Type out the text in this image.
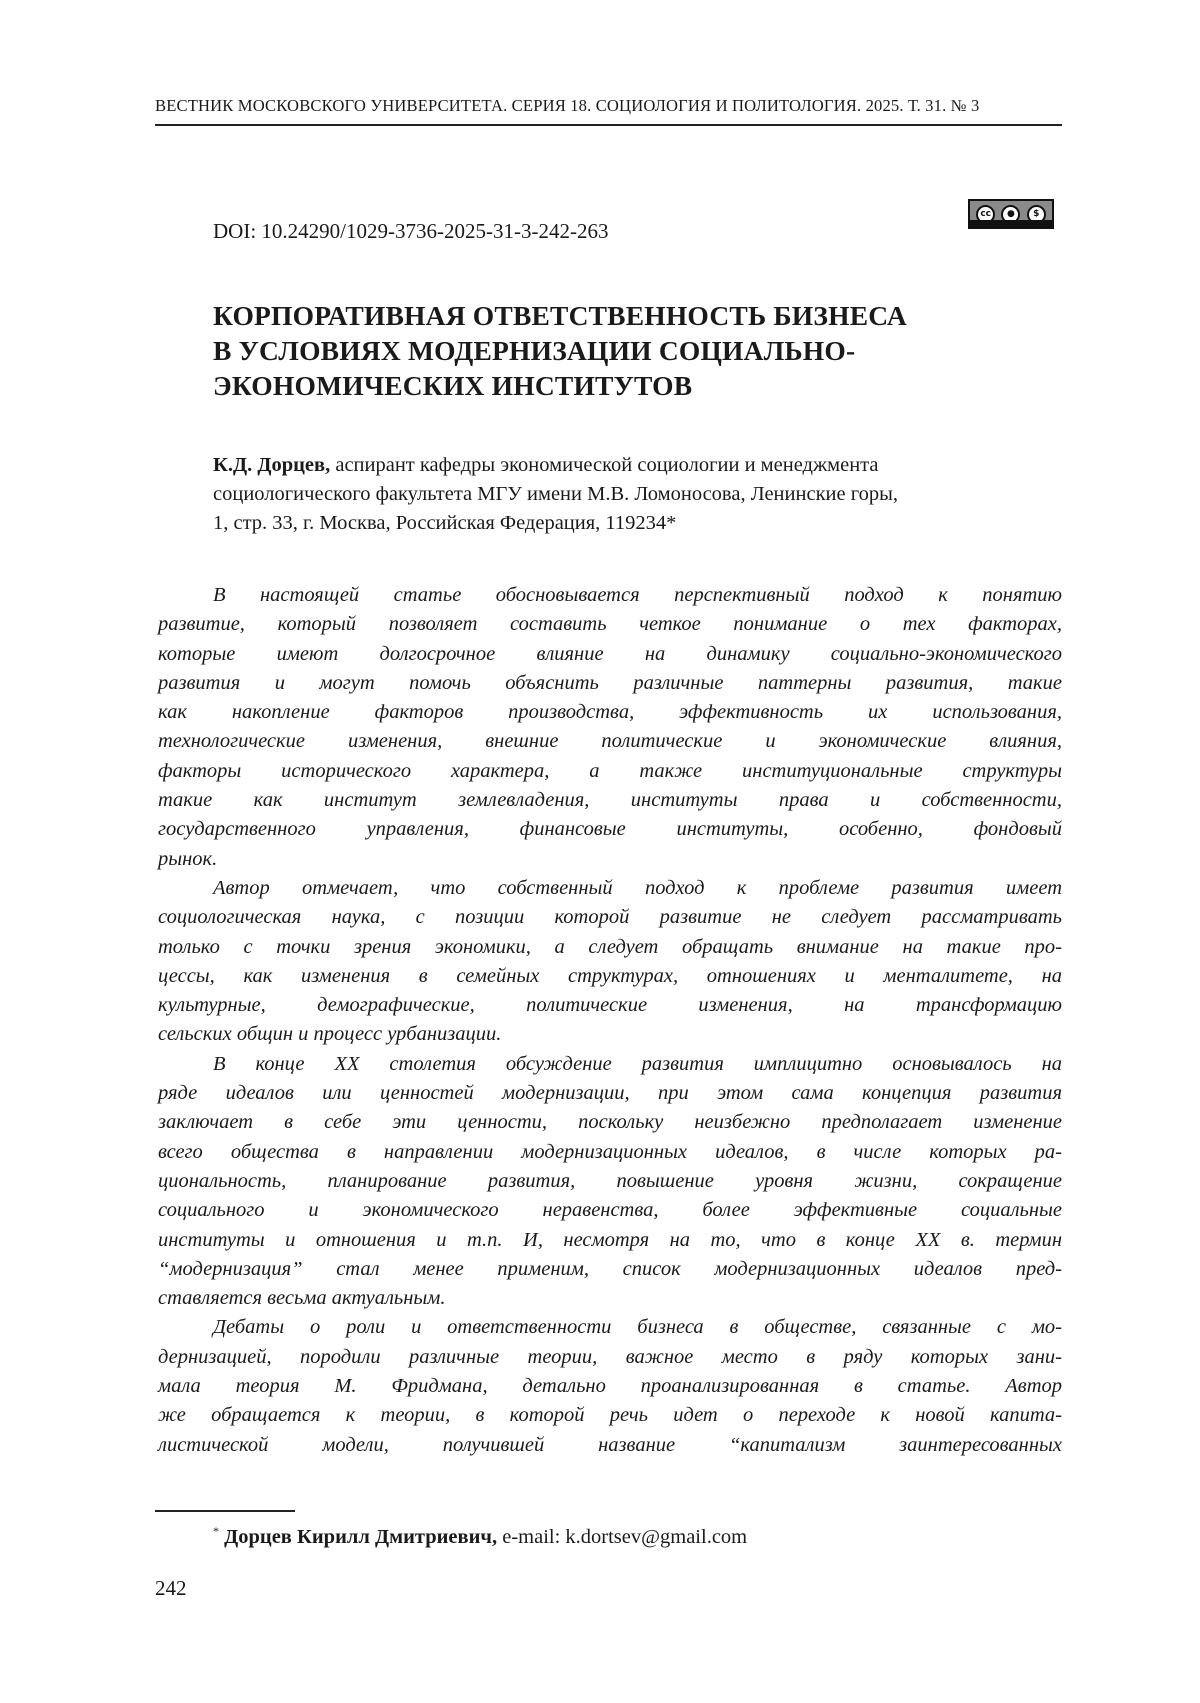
ВЕСТНИК МОСКОВСКОГО УНИВЕРСИТЕТА. СЕРИЯ 18. СОЦИОЛОГИЯ И ПОЛИТОЛОГИЯ. 2025. Т. 31. № 3
DOI: 10.24290/1029-3736-2025-31-3-242-263
cc	●	$
КОРПОРАТИВНАЯ ОТВЕТСТВЕННОСТЬ БИЗНЕСА
В УСЛОВИЯХ МОДЕРНИЗАЦИИ СОЦИАЛЬНО-
ЭКОНОМИЧЕСКИХ ИНСТИТУТОВ
К.Д. Дорцев, аспирант кафедры экономической социологии и менеджмента
социологического факультета МГУ имени М.В. Ломоносова, Ленинские горы,
1, стр. 33, г. Москва, Российская Федерация, 119234*
В настоящей статье обосновывается перспективный подход к понятию
развитие, который позволяет составить четкое понимание о тех факторах,
которые имеют долгосрочное влияние на динамику социально-экономического
развития и могут помочь объяснить различные паттерны развития, такие
как накопление факторов производства, эффективность их использования,
технологические изменения, внешние политические и экономические влияния,
факторы исторического характера, а также институциональные структуры
такие как институт землевладения, институты права и собственности,
государственного управления, финансовые институты, особенно, фондовый
рынок.
Автор отмечает, что собственный подход к проблеме развития имеет
социологическая наука, с позиции которой развитие не следует рассматривать
только с точки зрения экономики, а следует обращать внимание на такие про-
цессы, как изменения в семейных структурах, отношениях и менталитете, на
культурные, демографические, политические изменения, на трансформацию
сельских общин и процесс урбанизации.
В конце XX столетия обсуждение развития имплицитно основывалось на
ряде идеалов или ценностей модернизации, при этом сама концепция развития
заключает в себе эти ценности, поскольку неизбежно предполагает изменение
всего общества в направлении модернизационных идеалов, в числе которых ра-
циональность, планирование развития, повышение уровня жизни, сокращение
социального и экономического неравенства, более эффективные социальные
институты и отношения и т.п. И, несмотря на то, что в конце XX в. термин
“модернизация” стал менее применим, список модернизационных идеалов пред-
ставляется весьма актуальным.
Дебаты о роли и ответственности бизнеса в обществе, связанные с мо-
дернизацией, породили различные теории, важное место в ряду которых зани-
мала теория М. Фридмана, детально проанализированная в статье. Автор
же обращается к теории, в которой речь идет о переходе к новой капита-
листической модели, получившей название “капитализм заинтересованных
* Дорцев Кирилл Дмитриевич, e-mail: k.dortsev@gmail.com
242
